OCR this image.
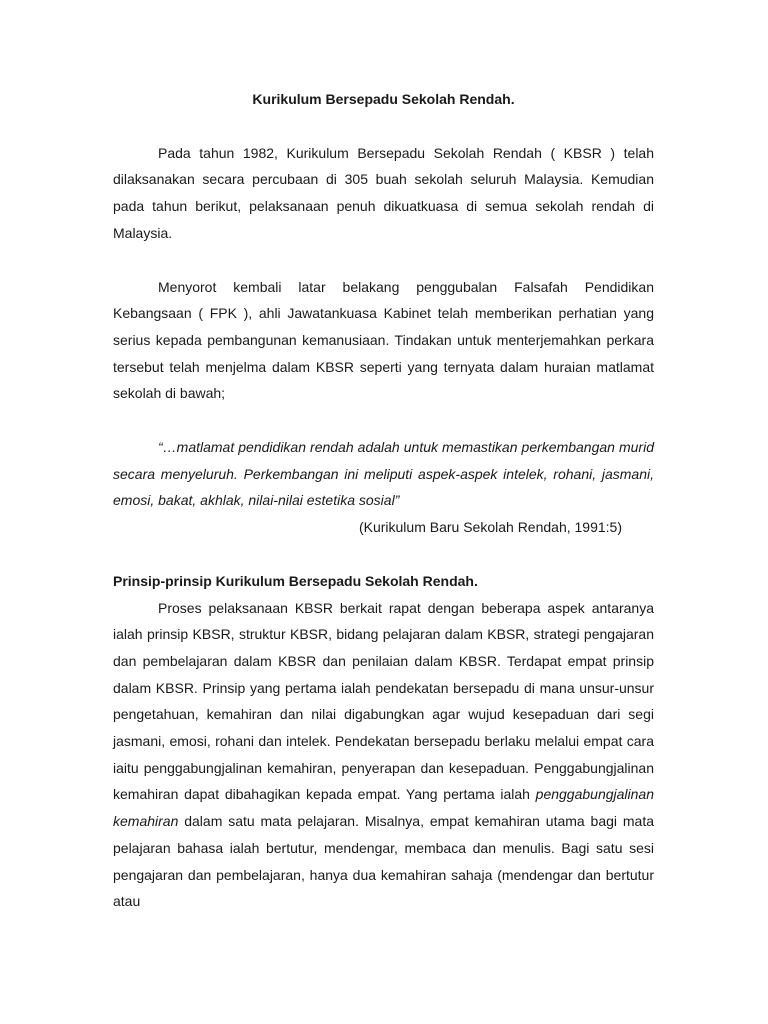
Kurikulum Bersepadu Sekolah Rendah.

Pada tahun 1982, Kurikulum Bersepadu Sekolah Rendah ( KBSR ) telah dilaksanakan secara percubaan di 305 buah sekolah seluruh Malaysia. Kemudian pada tahun berikut, pelaksanaan penuh dikuatkuasa di semua sekolah rendah di Malaysia.

Menyorot kembali latar belakang penggubalan Falsafah Pendidikan Kebangsaan ( FPK ), ahli Jawatankuasa Kabinet telah memberikan perhatian yang serius kepada pembangunan kemanusiaan. Tindakan untuk menterjemahkan perkara tersebut telah menjelma dalam KBSR seperti yang ternyata dalam huraian matlamat sekolah di bawah;

“…matlamat pendidikan rendah adalah untuk memastikan perkembangan murid secara menyeluruh. Perkembangan ini meliputi aspek-aspek intelek, rohani, jasmani, emosi, bakat, akhlak, nilai-nilai estetika sosial”

(Kurikulum Baru Sekolah Rendah, 1991:5)

Prinsip-prinsip Kurikulum Bersepadu Sekolah Rendah.

Proses pelaksanaan KBSR berkait rapat dengan beberapa aspek antaranya ialah prinsip KBSR, struktur KBSR, bidang pelajaran dalam KBSR, strategi pengajaran dan pembelajaran dalam KBSR dan penilaian dalam KBSR. Terdapat empat prinsip dalam KBSR. Prinsip yang pertama ialah pendekatan bersepadu di mana unsur-unsur pengetahuan, kemahiran dan nilai digabungkan agar wujud kesepaduan dari segi jasmani, emosi, rohani dan intelek. Pendekatan bersepadu berlaku melalui empat cara iaitu penggabungjalinan kemahiran, penyerapan dan kesepaduan. Penggabungjalinan kemahiran dapat dibahagikan kepada empat. Yang pertama ialah penggabungjalinan kemahiran dalam satu mata pelajaran. Misalnya, empat kemahiran utama bagi mata pelajaran bahasa ialah bertutur, mendengar, membaca dan menulis. Bagi satu sesi pengajaran dan pembelajaran, hanya dua kemahiran sahaja (mendengar dan bertutur atau
